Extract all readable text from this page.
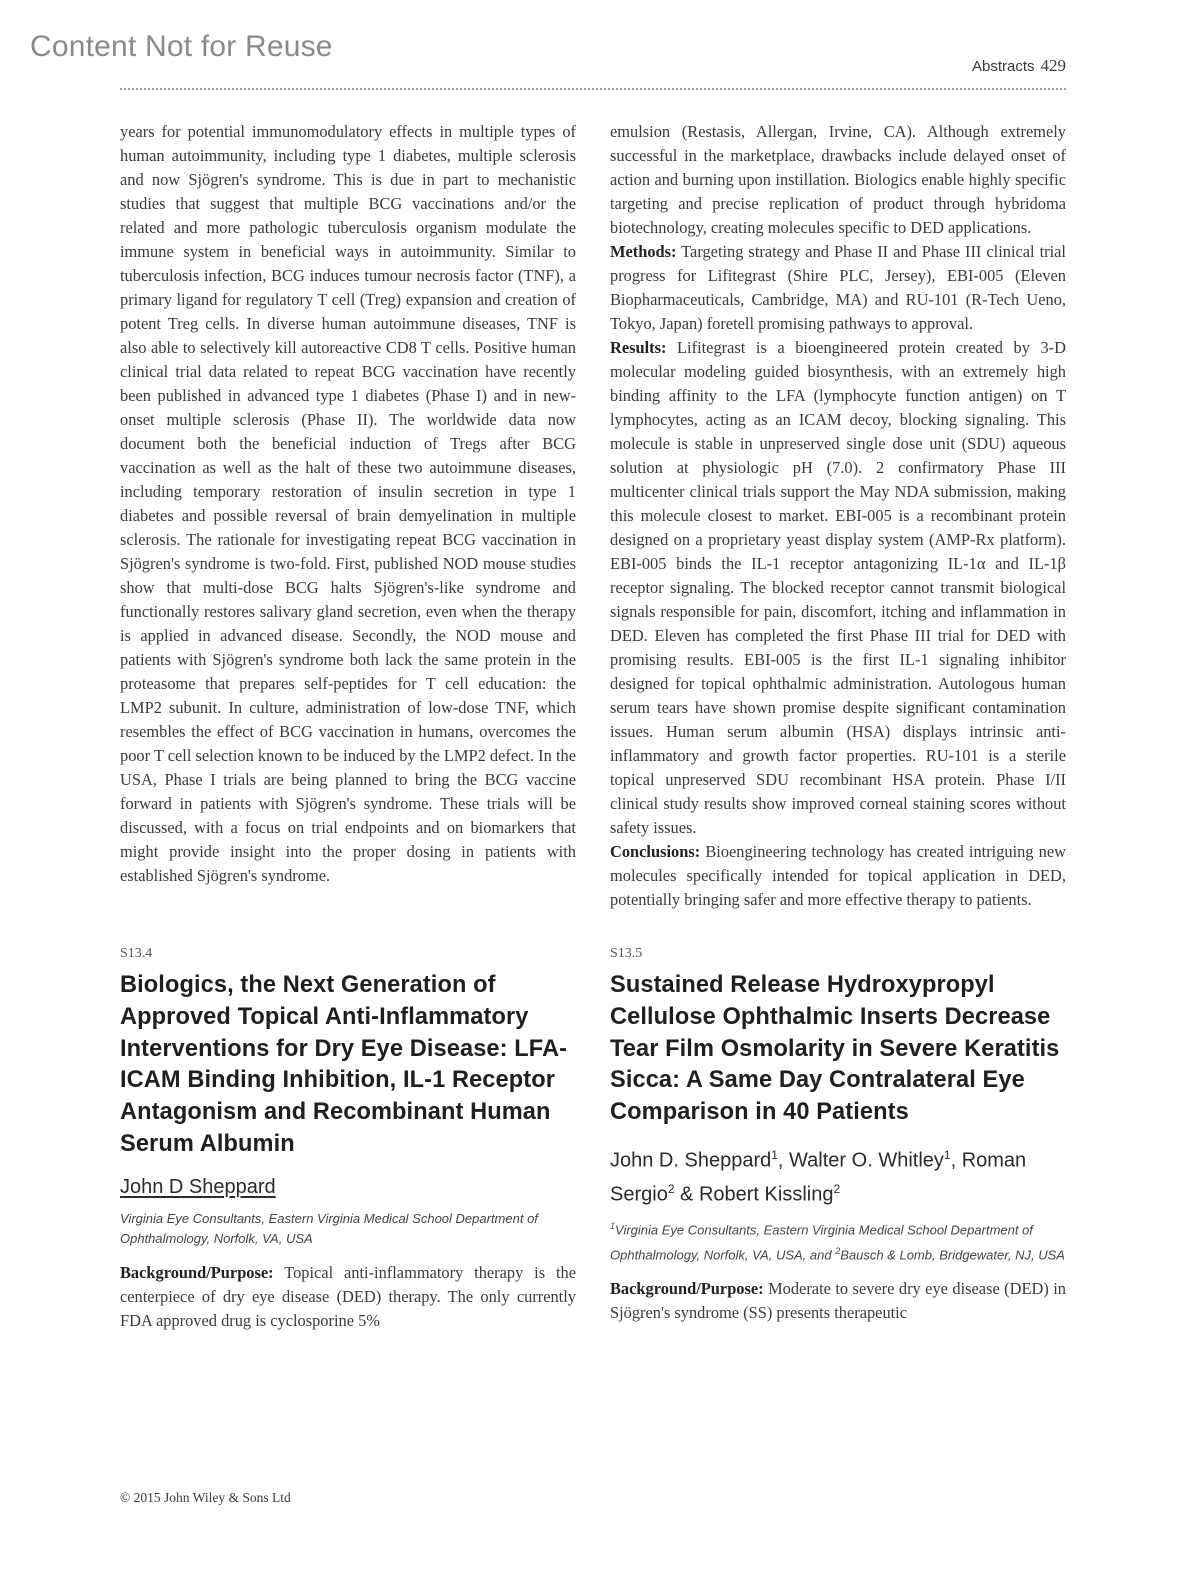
Content Not for Reuse
Abstracts 429

years for potential immunomodulatory effects in multiple types of human autoimmunity, including type 1 diabetes, multiple sclerosis and now Sjögren's syndrome. This is due in part to mechanistic studies that suggest that multiple BCG vaccinations and/or the related and more pathologic tuberculosis organism modulate the immune system in beneficial ways in autoimmunity. Similar to tuberculosis infection, BCG induces tumour necrosis factor (TNF), a primary ligand for regulatory T cell (Treg) expansion and creation of potent Treg cells. In diverse human autoimmune diseases, TNF is also able to selectively kill autoreactive CD8 T cells. Positive human clinical trial data related to repeat BCG vaccination have recently been published in advanced type 1 diabetes (Phase I) and in new-onset multiple sclerosis (Phase II). The worldwide data now document both the beneficial induction of Tregs after BCG vaccination as well as the halt of these two autoimmune diseases, including temporary restoration of insulin secretion in type 1 diabetes and possible reversal of brain demyelination in multiple sclerosis. The rationale for investigating repeat BCG vaccination in Sjögren's syndrome is two-fold. First, published NOD mouse studies show that multi-dose BCG halts Sjögren's-like syndrome and functionally restores salivary gland secretion, even when the therapy is applied in advanced disease. Secondly, the NOD mouse and patients with Sjögren's syndrome both lack the same protein in the proteasome that prepares self-peptides for T cell education: the LMP2 subunit. In culture, administration of low-dose TNF, which resembles the effect of BCG vaccination in humans, overcomes the poor T cell selection known to be induced by the LMP2 defect. In the USA, Phase I trials are being planned to bring the BCG vaccine forward in patients with Sjögren's syndrome. These trials will be discussed, with a focus on trial endpoints and on biomarkers that might provide insight into the proper dosing in patients with established Sjögren's syndrome.

S13.4

Biologics, the Next Generation of Approved Topical Anti-Inflammatory Interventions for Dry Eye Disease: LFA-ICAM Binding Inhibition, IL-1 Receptor Antagonism and Recombinant Human Serum Albumin

John D Sheppard

Virginia Eye Consultants, Eastern Virginia Medical School Department of Ophthalmology, Norfolk, VA, USA

Background/Purpose: Topical anti-inflammatory therapy is the centerpiece of dry eye disease (DED) therapy. The only currently FDA approved drug is cyclosporine 5%

emulsion (Restasis, Allergan, Irvine, CA). Although extremely successful in the marketplace, drawbacks include delayed onset of action and burning upon instillation. Biologics enable highly specific targeting and precise replication of product through hybridoma biotechnology, creating molecules specific to DED applications.

Methods: Targeting strategy and Phase II and Phase III clinical trial progress for Lifitegrast (Shire PLC, Jersey), EBI-005 (Eleven Biopharmaceuticals, Cambridge, MA) and RU-101 (R-Tech Ueno, Tokyo, Japan) foretell promising pathways to approval.

Results: Lifitegrast is a bioengineered protein created by 3-D molecular modeling guided biosynthesis, with an extremely high binding affinity to the LFA (lymphocyte function antigen) on T lymphocytes, acting as an ICAM decoy, blocking signaling. This molecule is stable in unpreserved single dose unit (SDU) aqueous solution at physiologic pH (7.0). 2 confirmatory Phase III multicenter clinical trials support the May NDA submission, making this molecule closest to market. EBI-005 is a recombinant protein designed on a proprietary yeast display system (AMP-Rx platform). EBI-005 binds the IL-1 receptor antagonizing IL-1α and IL-1β receptor signaling. The blocked receptor cannot transmit biological signals responsible for pain, discomfort, itching and inflammation in DED. Eleven has completed the first Phase III trial for DED with promising results. EBI-005 is the first IL-1 signaling inhibitor designed for topical ophthalmic administration. Autologous human serum tears have shown promise despite significant contamination issues. Human serum albumin (HSA) displays intrinsic anti-inflammatory and growth factor properties. RU-101 is a sterile topical unpreserved SDU recombinant HSA protein. Phase I/II clinical study results show improved corneal staining scores without safety issues.

Conclusions: Bioengineering technology has created intriguing new molecules specifically intended for topical application in DED, potentially bringing safer and more effective therapy to patients.

S13.5

Sustained Release Hydroxypropyl Cellulose Ophthalmic Inserts Decrease Tear Film Osmolarity in Severe Keratitis Sicca: A Same Day Contralateral Eye Comparison in 40 Patients

John D. Sheppard$^1$, Walter O. Whitley$^1$, Roman Sergio$^2$ & Robert Kissling$^2$

$^1$Virginia Eye Consultants, Eastern Virginia Medical School Department of Ophthalmology, Norfolk, VA, USA, and $^2$Bausch & Lomb, Bridgewater, NJ, USA

Background/Purpose: Moderate to severe dry eye disease (DED) in Sjögren's syndrome (SS) presents therapeutic

© 2015 John Wiley & Sons Ltd
